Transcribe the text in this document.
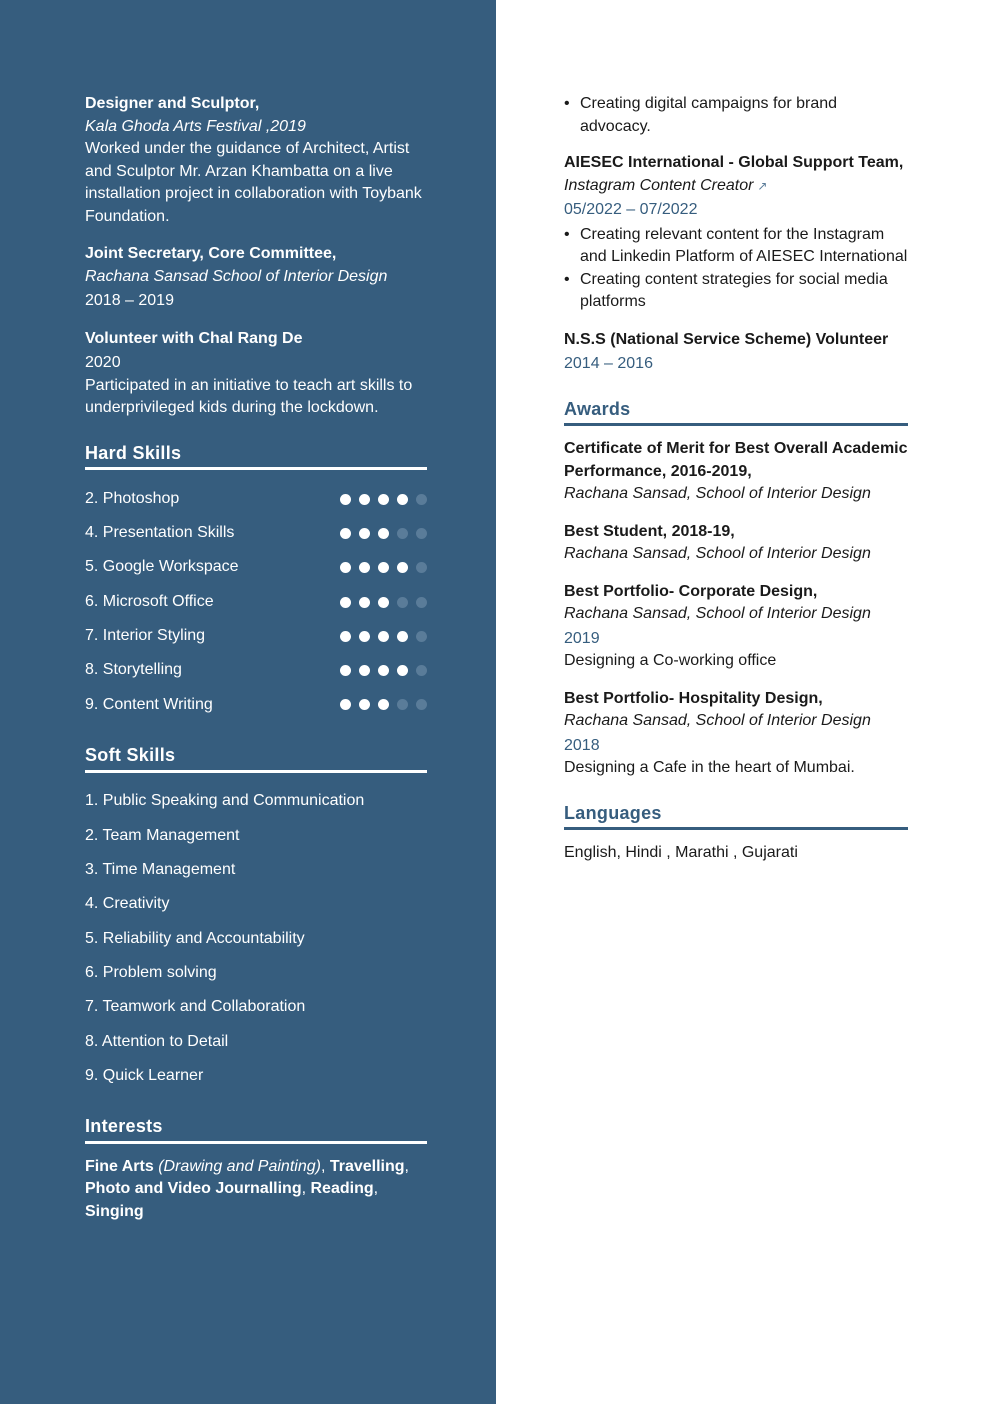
Designer and Sculptor,
Kala Ghoda Arts Festival ,2019
Worked under the guidance of Architect, Artist and Sculptor Mr. Arzan Khambatta on a live installation project in collaboration with Toybank Foundation.
Joint Secretary, Core Committee,
Rachana Sansad School of Interior Design
2018 – 2019
Volunteer with Chal Rang De
2020
Participated in an initiative to teach art skills to underprivileged kids during the lockdown.
Hard Skills
2. Photoshop
4. Presentation Skills
5. Google Workspace
6. Microsoft Office
7. Interior Styling
8. Storytelling
9. Content Writing
Soft Skills
1. Public Speaking and Communication
2. Team Management
3. Time Management
4. Creativity
5. Reliability and Accountability
6. Problem solving
7. Teamwork and Collaboration
8. Attention to Detail
9. Quick Learner
Interests
Fine Arts (Drawing and Painting), Travelling, Photo and Video Journalling, Reading, Singing
• Creating digital campaigns for brand advocacy.
AIESEC International - Global Support Team,
Instagram Content Creator ↗
05/2022 – 07/2022
• Creating relevant content for the Instagram and Linkedin Platform of AIESEC International
• Creating content strategies for social media platforms
N.S.S (National Service Scheme) Volunteer
2014 – 2016
Awards
Certificate of Merit for Best Overall Academic Performance, 2016-2019,
Rachana Sansad, School of Interior Design
Best Student, 2018-19,
Rachana Sansad, School of Interior Design
Best Portfolio- Corporate Design,
Rachana Sansad, School of Interior Design
2019
Designing a Co-working office
Best Portfolio- Hospitality Design,
Rachana Sansad, School of Interior Design
2018
Designing a Cafe in the heart of Mumbai.
Languages
English, Hindi , Marathi , Gujarati
